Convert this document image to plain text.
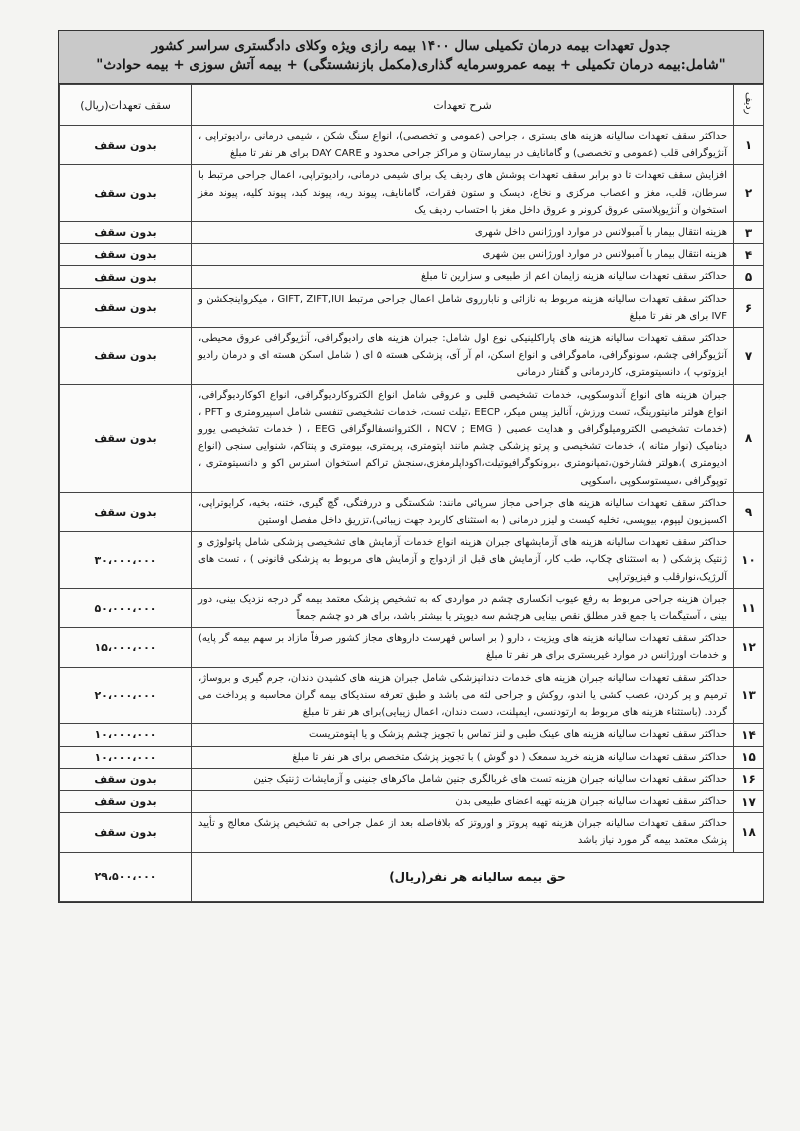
جدول تعهدات بیمه درمان تکمیلی سال ۱۴۰۰ بیمه رازی ویژه وکلای دادگستری سراسر کشور
"شامل:بیمه درمان تکمیلی + بیمه عمروسرمایه گذاری(مکمل بازنشستگی) + بیمه آتش سوزی + بیمه حوادث"
ردیف	شرح تعهدات	سقف تعهدات(ریال)
۱	حداکثر سقف تعهدات سالیانه هزینه های بستری ، جراحی (عمومی و تخصصی)، انواع سنگ شکن ، شیمی درمانی ،رادیوتراپی ، آنژیوگرافی قلب (عمومی و تخصصی) و گامانایف در بیمارستان و مراکز جراحی محدود و DAY CARE برای هر نفر تا مبلغ	بدون سقف
۲	افزایش سقف تعهدات تا دو برابر سقف تعهدات پوشش های ردیف یک برای شیمی درمانی، رادیوتراپی، اعمال جراحی مرتبط با سرطان، قلب، مغز و اعصاب مرکزی و نخاع، دیسک و ستون فقرات، گامانایف، پیوند ریه، پیوند کبد، پیوند کلیه، پیوند مغز استخوان و آنژیوپلاستی عروق کرونر و عروق داخل مغز با احتساب ردیف یک	بدون سقف
۳	هزینه انتقال بیمار با آمبولانس در موارد اورژانس داخل شهری	بدون سقف
۴	هزینه انتقال بیمار با آمبولانس در موارد اورژانس بین شهری	بدون سقف
۵	حداکثر سقف تعهدات سالیانه هزینه زایمان اعم از طبیعی و سزارین تا مبلغ	بدون سقف
۶	حداکثر سقف تعهدات سالیانه هزینه مربوط به نازائی و نابارروی شامل اعمال جراحی مرتبط GIFT, ZIFT,IUI ، میکرواینجکشن و IVF برای هر نفر تا مبلغ	بدون سقف
۷	حداکثر سقف تعهدات سالیانه هزینه های پاراکلینیکی نوع اول شامل: جبران هزینه های رادیوگرافی، آنژیوگرافی عروق محیطی، آنژیوگرافی چشم، سونوگرافی، ماموگرافی و انواع اسکن، ام آر آی، پزشکی هسته ۵ ای ( شامل اسکن هسته ای و درمان رادیو ایزوتوپ )، دانسیتومتری، کاردرمانی و گفتار درمانی	بدون سقف
۸	جبران هزینه های انواع آندوسکوپی، خدمات تشخیصی قلبی و عروقی شامل انواع الکتروکاردیوگرافی، انواع اکوکاردیوگرافی، انواع هولتر مانیتورینگ، تست ورزش، آنالیز پیس میکر، EECP ،تیلت تست، خدمات تشخیصی تنفسی شامل اسپیرومتری و PFT ، (خدمات تشخیصی الکترومیلوگرافی و هدایت عصبی ( NCV ; EMG ، الکتروانسفالوگرافی EEG ، ( خدمات تشخیصی یورو دینامیک (نوار مثانه )، خدمات تشخیصی و پرتو پزشکی چشم مانند اپتومتری، پریمتری، بیومتری و پنتاکم، شنوایی سنجی (انواع ادیومتری )،هولتر فشارخون،تمپانومتری ،برونکوگرافیوتیلت،اکوداپلرمغزی،سنجش تراکم استخوان استرس اکو و دانسیتومتری ، توپوگرافی ،سیستوسکوپی ،اسکوپی	بدون سقف
۹	حداکثر سقف تعهدات سالیانه هزینه های جراحی مجاز سرپائی مانند: شکستگی و دررفتگی، گچ گیری، ختنه، بخیه، کرایوتراپی، اکسیزیون لیپوم، بیوپسی، تخلیه کیست و لیزر درمانی ( به استثنای کاربرد جهت زیبائی)،تزریق داخل مفصل اوستین	بدون سقف
۱۰	حداکثر سقف تعهدات سالیانه هزینه های آزمایشهای جبران هزینه انواع خدمات آزمایش های تشخیصی پزشکی شامل پاتولوژی و ژنتیک پزشکی ( به استثنای چکاپ، طب کار، آزمایش های قبل از ازدواج و آزمایش های مربوط به پزشکی قانونی ) ، تست های آلرژیک،نوارقلب و فیزیوتراپی	۳۰،۰۰۰،۰۰۰
۱۱	جبران هزینه جراحی مربوط به رفع عیوب انکساری چشم در مواردی که به تشخیص پزشک معتمد بیمه گر درجه نزدیک بینی، دور بینی ، آستیگمات یا جمع قدر مطلق نقص بینایی هرچشم سه دیوپتر یا بیشتر باشد، برای هر دو چشم جمعاً	۵۰،۰۰۰،۰۰۰
۱۲	حداکثر سقف تعهدات سالیانه هزینه های ویزیت ، دارو ( بر اساس فهرست داروهای مجاز کشور صرفاً مازاد بر سهم بیمه گر پایه) و خدمات اورژانس در موارد غیربستری برای هر نفر تا مبلغ	۱۵،۰۰۰،۰۰۰
۱۳	حداکثر سقف تعهدات سالیانه جبران هزینه های خدمات دندانپزشکی شامل جبران هزینه های کشیدن دندان، جرم گیری و بروساژ، ترمیم و پر کردن، عصب کشی یا اندو، روکش و جراحی لثه می باشد و طبق تعرفه سندیکای بیمه گران محاسبه و پرداخت می گردد. (باستثناء هزینه های مربوط به ارتودنسی، ایمپلنت، دست دندان، اعمال زیبایی)برای هر نفر تا مبلغ	۲۰،۰۰۰،۰۰۰
۱۴	حداکثر سقف تعهدات سالیانه هزینه های عینک طبی و لنز تماس با تجویز چشم پزشک و یا اپتومتریست	۱۰،۰۰۰،۰۰۰
۱۵	حداکثر سقف تعهدات سالیانه هزینه خرید سمعک ( دو گوش ) با تجویز پزشک متخصص برای هر نفر تا مبلغ	۱۰،۰۰۰،۰۰۰
۱۶	حداکثر سقف تعهدات سالیانه جبران هزینه تست های غربالگری جنین شامل ماکرهای جنینی و آزمایشات ژنتیک جنین	بدون سقف
۱۷	حداکثر سقف تعهدات سالیانه جبران هزینه تهیه اعضای طبیعی بدن	بدون سقف
۱۸	حداکثر سقف تعهدات سالیانه جبران هزینه تهیه پروتز و اوروتز که بلافاصله بعد از عمل جراحی به تشخیص پزشک معالج و تأیید پزشک معتمد بیمه گر مورد نیاز باشد	بدون سقف
حق بیمه سالیانه هر نفر(ریال)		۲۹،۵۰۰،۰۰۰
